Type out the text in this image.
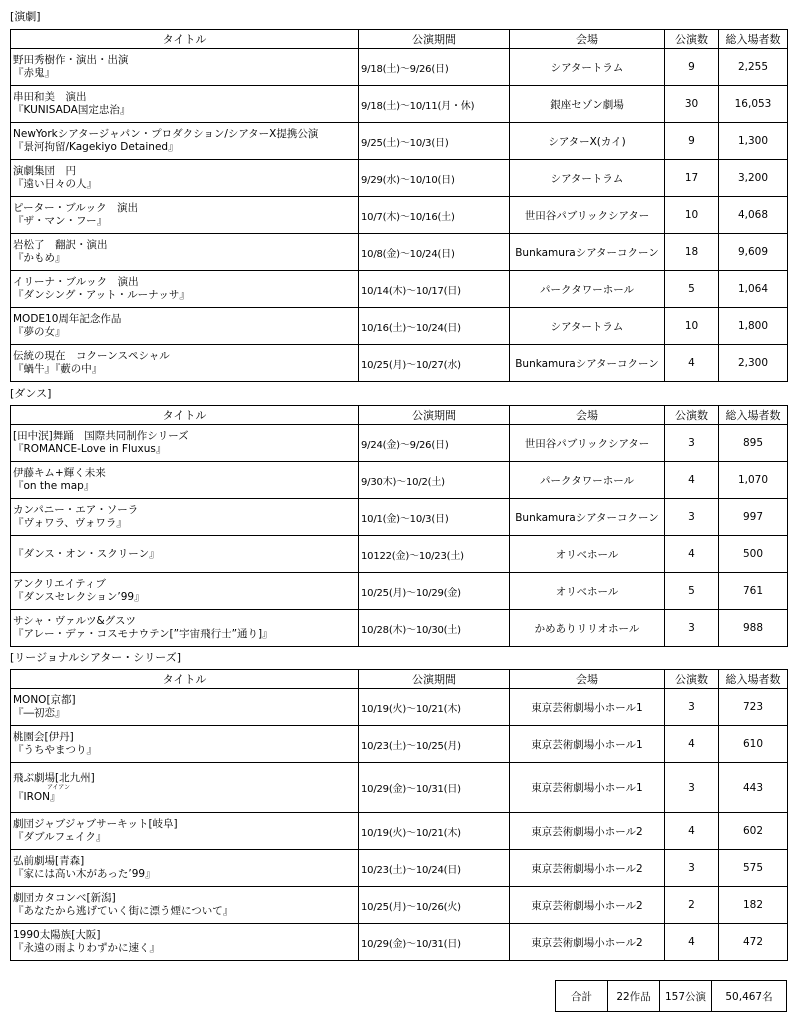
[演劇]
タイトル	公演期間	会場	公演数	総入場者数

野田秀樹作・演出・出演
『赤鬼』	9/18(土)～9/26(日)	シアタートラム	9	2,255

串田和美　演出
『KUNISADA国定忠治』	9/18(土)～10/11(月・休)	銀座セゾン劇場	30	16,053

NewYorkシアタージャパン・プロダクション/シアターX提携公演
『景河拘留/Kagekiyo Detained』	9/25(土)～10/3(日)	シアターX(カイ)	9	1,300

演劇集団　円
『遠い日々の人』	9/29(水)～10/10(日)	シアタートラム	17	3,200

ピーター・ブルック　演出
『ザ・マン・フー』	10/7(木)～10/16(土)	世田谷パブリックシアター	10	4,068

岩松了　翻訳・演出
『かもめ』	10/8(金)～10/24(日)	Bunkamuraシアターコクーン	18	9,609

イリーナ・ブルック　演出
『ダンシング・アット・ルーナッサ』	10/14(木)～10/17(日)	パークタワーホール	5	1,064

MODE10周年記念作品
『夢の女』	10/16(土)～10/24(日)	シアタートラム	10	1,800

伝統の現在　コクーンスペシャル
『蝸牛』『藪の中』	10/25(月)～10/27(水)	Bunkamuraシアターコクーン	4	2,300
[ダンス]
タイトル	公演期間	会場	公演数	総入場者数

[田中泯]舞踊　国際共同制作シリーズ
『ROMANCE-Love in Fluxus』	9/24(金)～9/26(日)	世田谷パブリックシアター	3	895

伊藤キム+輝く未来
『on the map』	9/30木)～10/2(土)	パークタワーホール	4	1,070

カンパニー・エア・ソーラ
『ヴォワラ、ヴォワラ』	10/1(金)～10/3(日)	Bunkamuraシアターコクーン	3	997

『ダンス・オン・スクリーン』	10122(金)～10/23(土)	オリベホール	4	500

アンクリエイティブ
『ダンスセレクション’99』	10/25(月)～10/29(金)	オリベホール	5	761

サシャ・ヴァルツ&グスツ
『アレー・デァ・コスモナウテン[”宇宙飛行士”通り]』	10/28(木)～10/30(土)	かめありリリオホール	3	988
[リージョナルシアター・シリーズ]
タイトル	公演期間	会場	公演数	総入場者数

MONO[京都]
『―初恋』	10/19(火)～10/21(木)	東京芸術劇場小ホール1	3	723

桃園会[伊丹]
『うちやまつり』	10/23(土)～10/25(月)	東京芸術劇場小ホール1	4	610

飛ぶ劇場[北九州]
アイアン
『IRON』	10/29(金)～10/31(日)	東京芸術劇場小ホール1	3	443

劇団ジャブジャブサーキット[岐阜]
『ダブルフェイク』	10/19(火)～10/21(木)	東京芸術劇場小ホール2	4	602

弘前劇場[青森]
『家には高い木があった’99』	10/23(土)～10/24(日)	東京芸術劇場小ホール2	3	575

劇団カタコンベ[新潟]
『あなたから逃げていく街に漂う煙について』	10/25(月)～10/26(火)	東京芸術劇場小ホール2	2	182

1990太陽族[大阪]
『永遠の雨よりわずかに速く』	10/29(金)～10/31(日)	東京芸術劇場小ホール2	4	472
合計	22作品	157公演	50,467名
